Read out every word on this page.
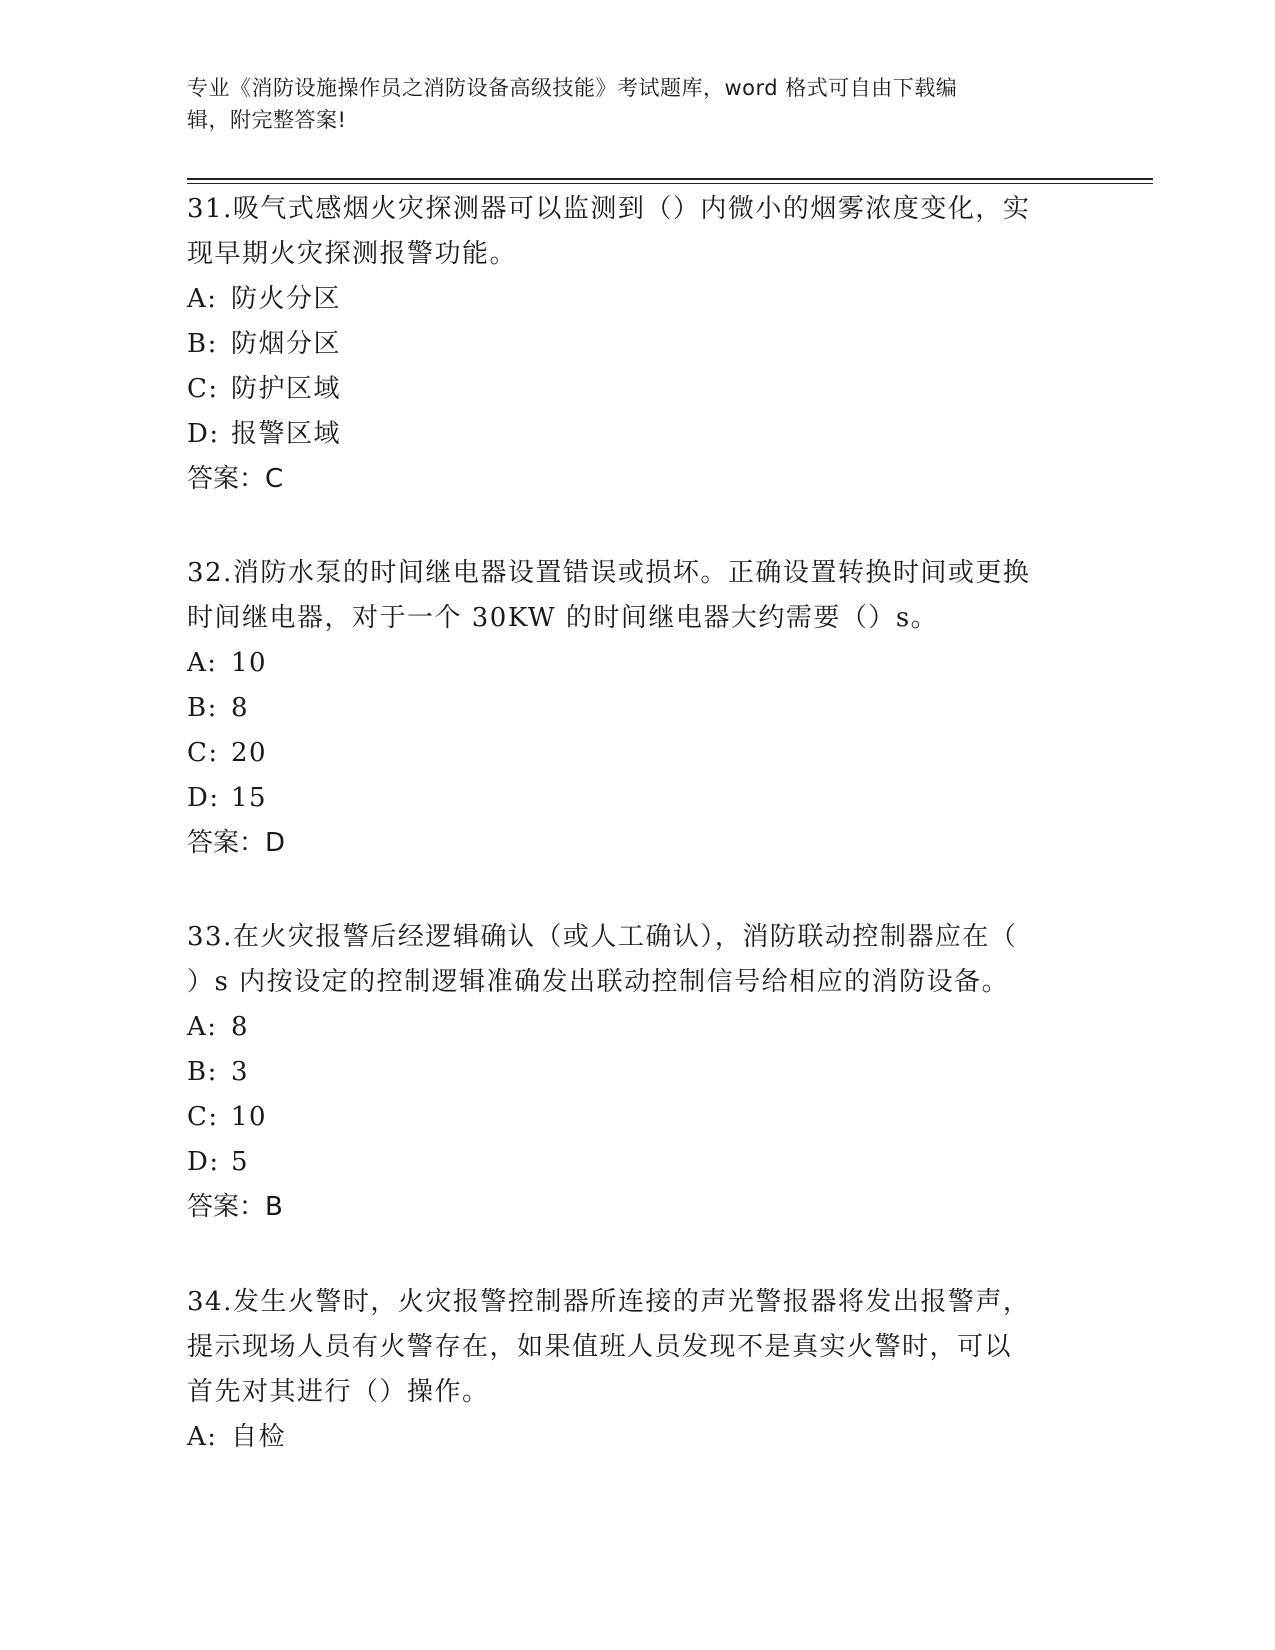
专业《消防设施操作员之消防设备高级技能》考试题库，word 格式可自由下载编
辑，附完整答案!

31.吸气式感烟火灾探测器可以监测到（）内微小的烟雾浓度变化，实

现早期火灾探测报警功能。

A: 防火分区

B: 防烟分区

C: 防护区域

D: 报警区域

答案：C

32.消防水泵的时间继电器设置错误或损坏。正确设置转换时间或更换

时间继电器，对于一个 30KW 的时间继电器大约需要（）s。

A: 10

B: 8

C: 20

D: 15

答案：D

33.在火灾报警后经逻辑确认（或人工确认），消防联动控制器应在（

）s 内按设定的控制逻辑准确发出联动控制信号给相应的消防设备。

A: 8

B: 3

C: 10

D: 5

答案：B

34.发生火警时，火灾报警控制器所连接的声光警报器将发出报警声，

提示现场人员有火警存在，如果值班人员发现不是真实火警时，可以

首先对其进行（）操作。

A: 自检
